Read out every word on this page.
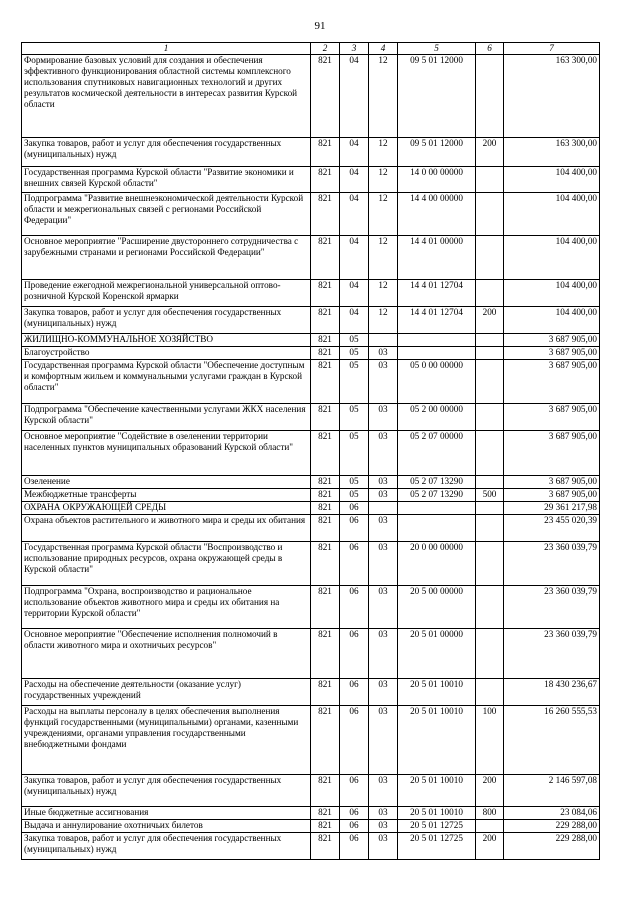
91
1	2	3	4	5	6	7
Формирование базовых условий для создания и обеспечения эффективного функционирования областной системы комплексного использования спутниковых навигационных технологий и других результатов космической деятельности в интересах развития Курской области	821	04	12	09 5 01 12000		163 300,00
Закупка товаров, работ и услуг для обеспечения государственных (муниципальных) нужд	821	04	12	09 5 01 12000	200	163 300,00
Государственная программа Курской области "Развитие экономики и внешних связей Курской области"	821	04	12	14 0 00 00000		104 400,00
Подпрограмма "Развитие внешнеэкономической деятельности Курской области и межрегиональных связей с регионами Российской Федерации"	821	04	12	14 4 00 00000		104 400,00
Основное мероприятие "Расширение двустороннего сотрудничества с зарубежными странами и регионами Российской Федерации"	821	04	12	14 4 01 00000		104 400,00
Проведение ежегодной межрегиональной универсальной оптово-розничной Курской Коренской ярмарки	821	04	12	14 4 01 12704		104 400,00
Закупка товаров, работ и услуг для обеспечения государственных (муниципальных) нужд	821	04	12	14 4 01 12704	200	104 400,00
ЖИЛИЩНО-КОММУНАЛЬНОЕ ХОЗЯЙСТВО	821	05				3 687 905,00
Благоустройство	821	05	03			3 687 905,00
Государственная программа Курской области "Обеспечение доступным и комфортным жильем и коммунальными услугами граждан в Курской области"	821	05	03	05 0 00 00000		3 687 905,00
Подпрограмма "Обеспечение качественными услугами ЖКХ населения Курской области"	821	05	03	05 2 00 00000		3 687 905,00
Основное мероприятие "Содействие в озеленении территории населенных пунктов муниципальных образований Курской области"	821	05	03	05 2 07 00000		3 687 905,00
Озеленение	821	05	03	05 2 07 13290		3 687 905,00
Межбюджетные трансферты	821	05	03	05 2 07 13290	500	3 687 905,00
ОХРАНА ОКРУЖАЮЩЕЙ СРЕДЫ	821	06				29 361 217,98
Охрана объектов растительного и животного мира и среды их обитания	821	06	03			23 455 020,39
Государственная программа Курской области "Воспроизводство и использование природных ресурсов, охрана окружающей среды в Курской области"	821	06	03	20 0 00 00000		23 360 039,79
Подпрограмма "Охрана, воспроизводство и рациональное использование объектов животного мира и среды их обитания на территории Курской области"	821	06	03	20 5 00 00000		23 360 039,79
Основное мероприятие "Обеспечение исполнения полномочий в области животного мира и охотничьих ресурсов"	821	06	03	20 5 01 00000		23 360 039,79
Расходы на обеспечение деятельности (оказание услуг) государственных учреждений	821	06	03	20 5 01 10010		18 430 236,67
Расходы на выплаты персоналу в целях обеспечения выполнения функций государственными (муниципальными) органами, казенными учреждениями, органами управления государственными внебюджетными фондами	821	06	03	20 5 01 10010	100	16 260 555,53
Закупка товаров, работ и услуг для обеспечения государственных (муниципальных) нужд	821	06	03	20 5 01 10010	200	2 146 597,08
Иные бюджетные ассигнования	821	06	03	20 5 01 10010	800	23 084,06
Выдача и аннулирование охотничьих билетов	821	06	03	20 5 01 12725		229 288,00
Закупка товаров, работ и услуг для обеспечения государственных (муниципальных) нужд	821	06	03	20 5 01 12725	200	229 288,00
